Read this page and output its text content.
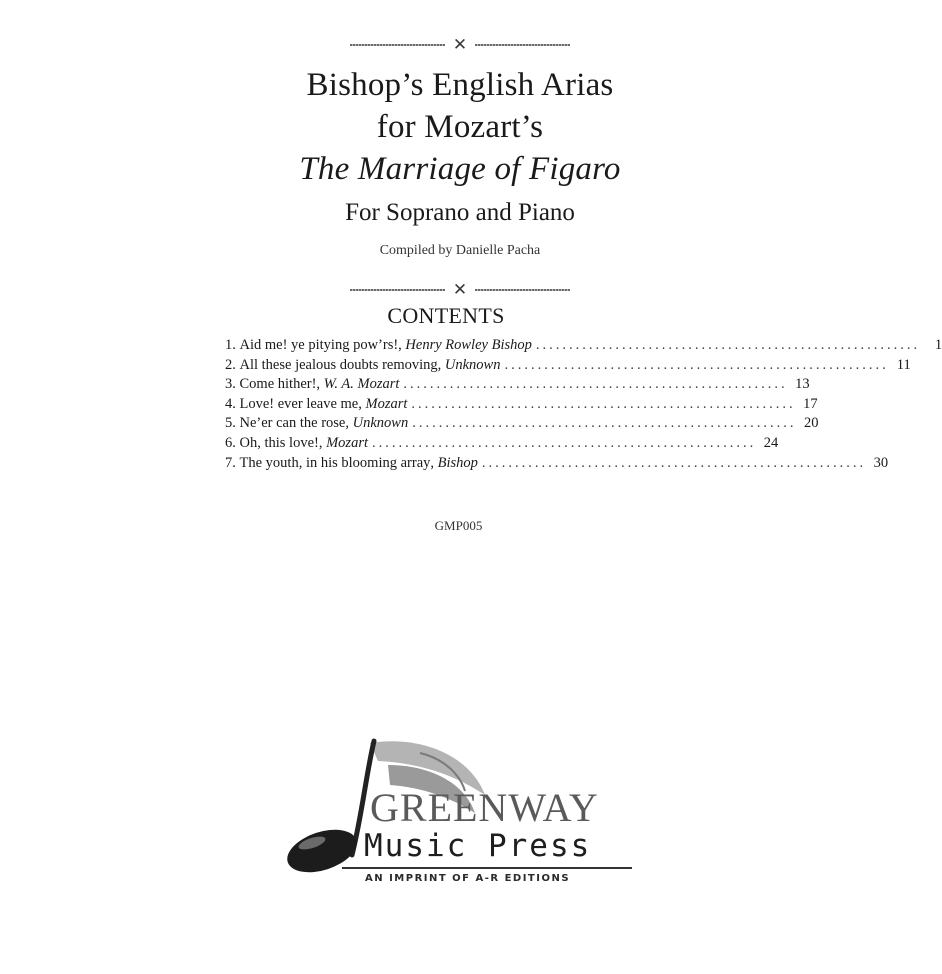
✕
Bishop’s English Arias
for Mozart’s
The Marriage of Figaro
For Soprano and Piano
Compiled by Danielle Pacha
✕
CONTENTS
1.
Aid me! ye pitying pow’rs! , Henry Rowley Bishop ..........................................................	1
2.
All these jealous doubts removing , Unknown .......................................................... 11
3.
Come hither! , W. A. Mozart .......................................................... 13
4.
Love! ever leave me , Mozart .......................................................... 17
5.
Ne’er can the rose , Unknown .......................................................... 20
6.
Oh, this love! , Mozart .......................................................... 24
7.
The youth, in his blooming array , Bishop .......................................................... 30
GMP005
GREENWAY
Music Press
AN IMPRINT OF A-R EDITIONS
